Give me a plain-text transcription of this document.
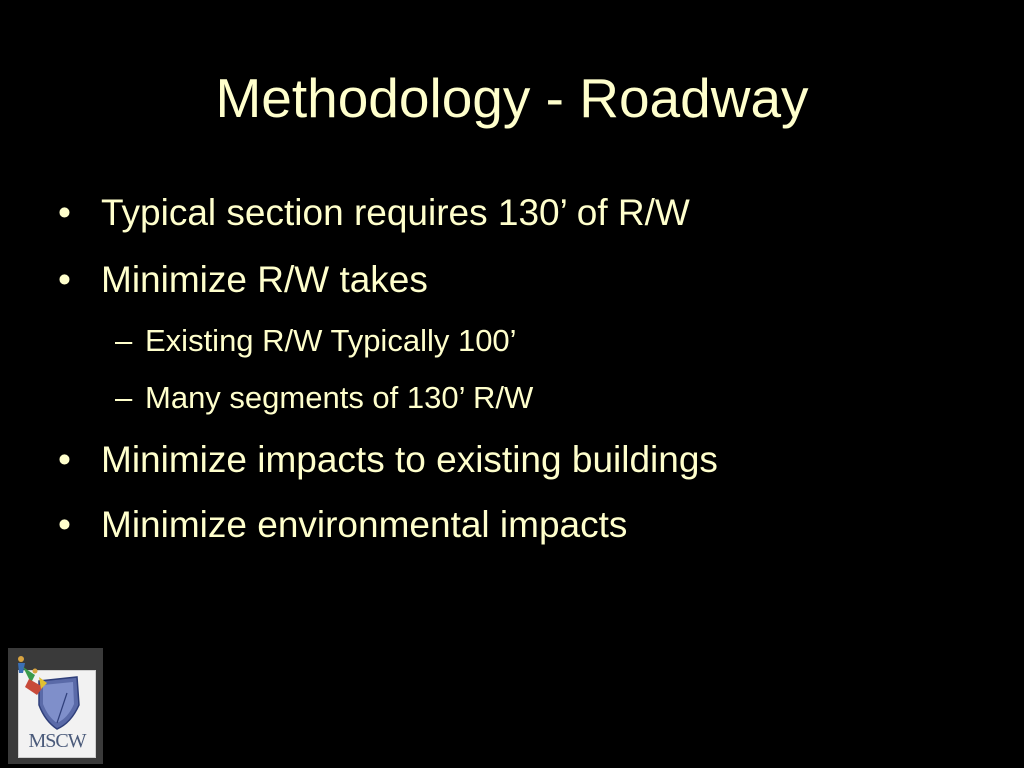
Methodology - Roadway
• Typical section requires 130’ of R/W
• Minimize R/W takes
– Existing R/W Typically 100’
– Many segments of 130’ R/W
• Minimize impacts to existing buildings
• Minimize environmental impacts
MSCW
